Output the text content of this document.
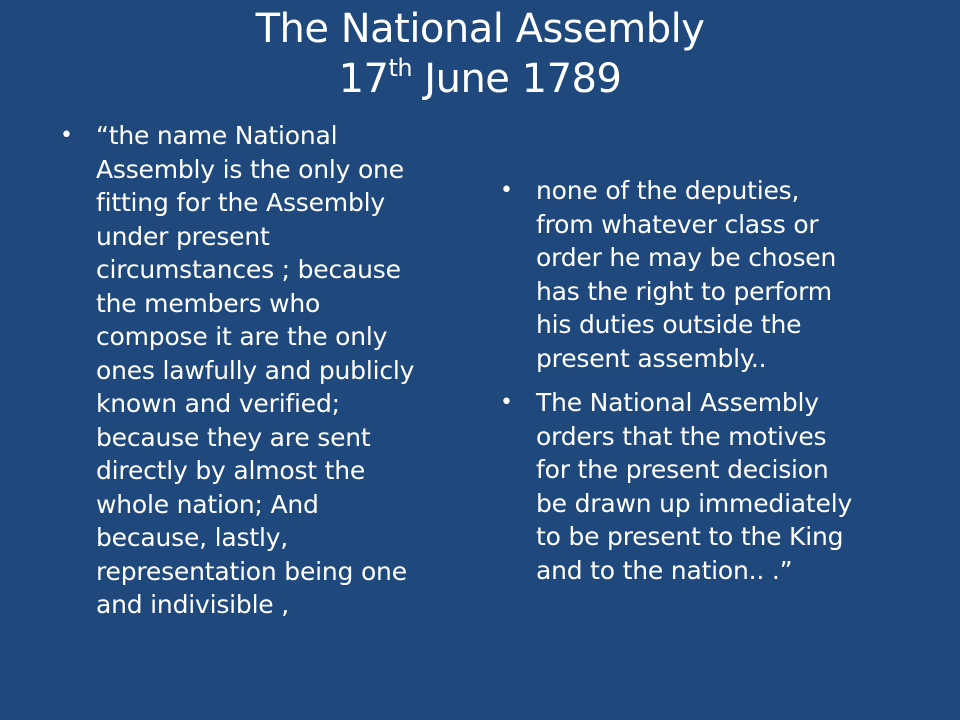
The National Assembly
17th June 1789
• “the name National
Assembly is the only one
fitting for the Assembly
under present
circumstances ; because
the members who
compose it are the only
ones lawfully and publicly
known and verified;
because they are sent
directly by almost the
whole nation; And
because, lastly,
representation being one
and indivisible ,
• none of the deputies,
from whatever class or
order he may be chosen
has the right to perform
his duties outside the
present assembly..
• The National Assembly
orders that the motives
for the present decision
be drawn up immediately
to be present to the King
and to the nation.. .”
